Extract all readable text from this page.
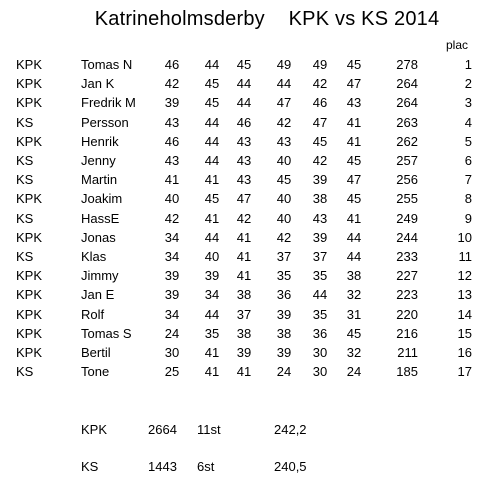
Katrineholmsderby KPK vs KS 2014
plac
KPK	Tomas N	46	44	45	49	49	45	278	1
KPK	Jan K	42	45	44	44	42	47	264	2
KPK	Fredrik M	39	45	44	47	46	43	264	3
KS	Persson	43	44	46	42	47	41	263	4
KPK	Henrik	46	44	43	43	45	41	262	5
KS	Jenny	43	44	43	40	42	45	257	6
KS	Martin	41	41	43	45	39	47	256	7
KPK	Joakim	40	45	47	40	38	45	255	8
KS	HassE	42	41	42	40	43	41	249	9
KPK	Jonas	34	44	41	42	39	44	244	10
KS	Klas	34	40	41	37	37	44	233	11
KPK	Jimmy	39	39	41	35	35	38	227	12
KPK	Jan E	39	34	38	36	44	32	223	13
KPK	Rolf	34	44	37	39	35	31	220	14
KPK	Tomas S	24	35	38	38	36	45	216	15
KPK	Bertil	30	41	39	39	30	32	211	16
KS	Tone	25	41	41	24	30	24	185	17
KPK	2664 11st	242,2
KS	1443 6st	240,5
